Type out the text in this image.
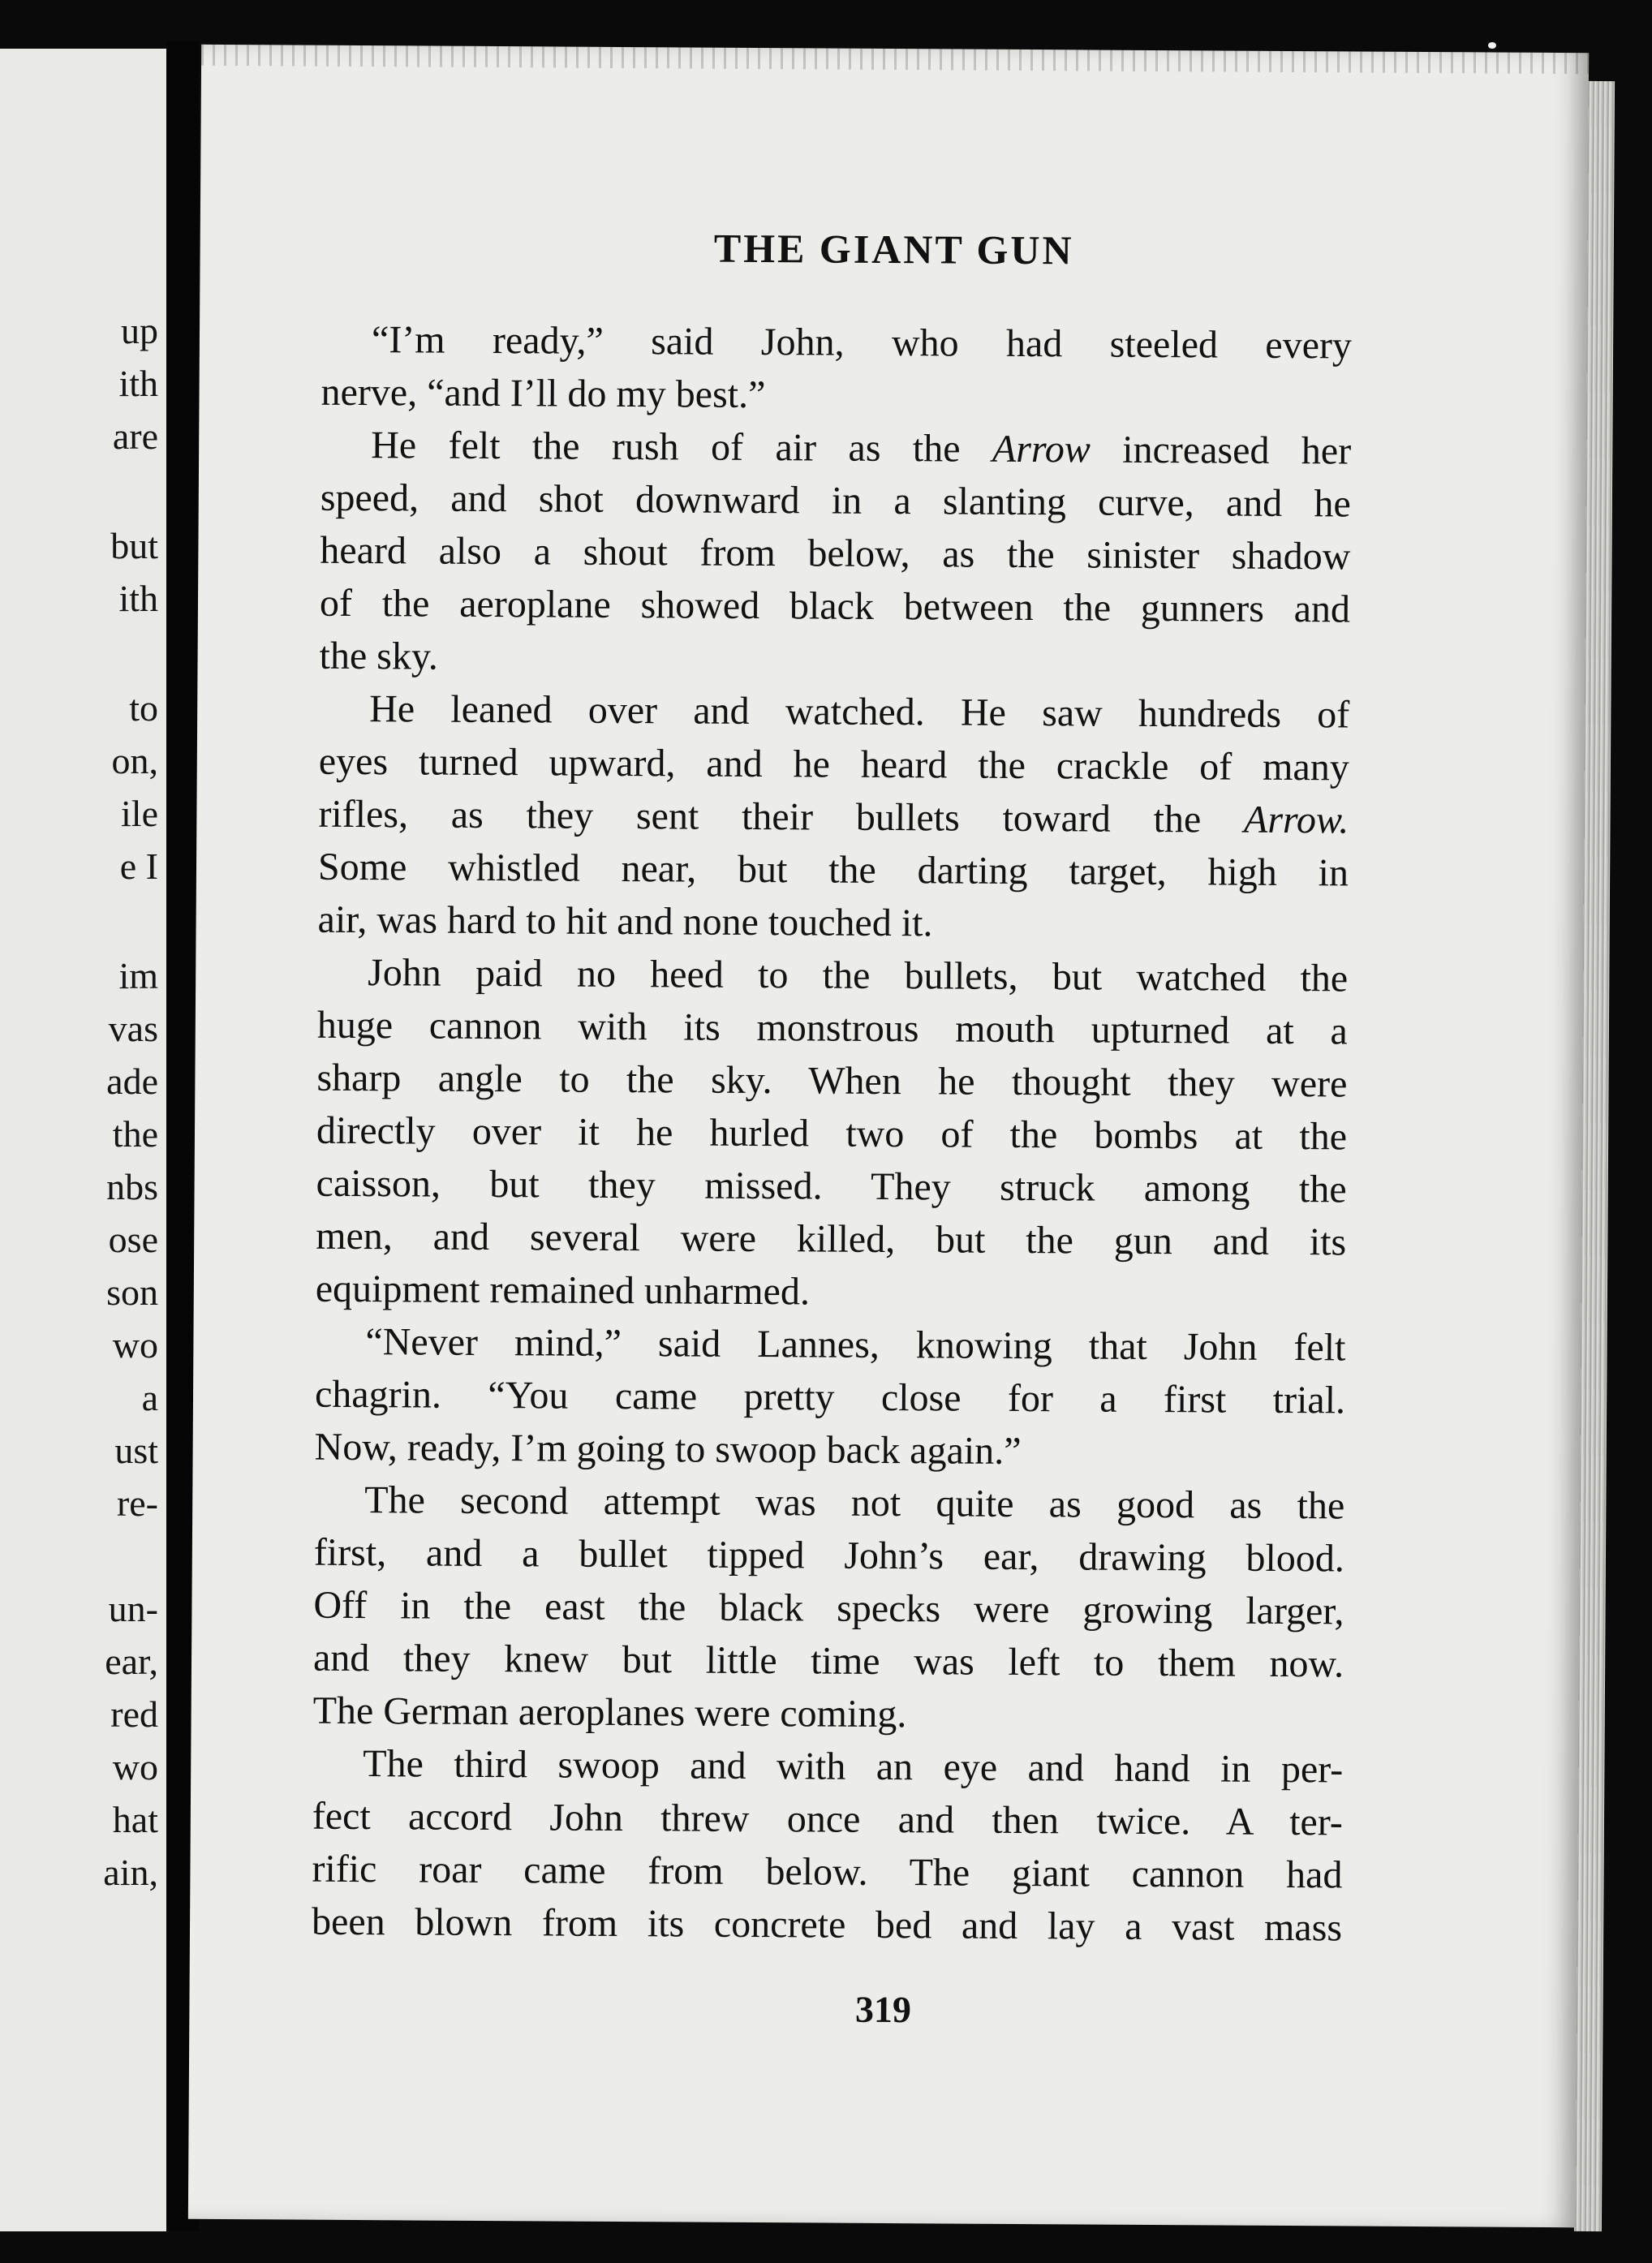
up
ith
are
but
ith
to
on,
ile
e I
im
vas
ade
the
nbs
ose
son
wo
a
ust
re-
un-
ear,
red
wo
hat
ain,
THE GIANT GUN
“I’m ready,” said John, who had steeled every
nerve, “and I’ll do my best.”
He felt the rush of air as the Arrow increased her
speed, and shot downward in a slanting curve, and he
heard also a shout from below, as the sinister shadow
of the aeroplane showed black between the gunners and
the sky.
He leaned over and watched. He saw hundreds of
eyes turned upward, and he heard the crackle of many
rifles, as they sent their bullets toward the Arrow.
Some whistled near, but the darting target, high in
air, was hard to hit and none touched it.
John paid no heed to the bullets, but watched the
huge cannon with its monstrous mouth upturned at a
sharp angle to the sky. When he thought they were
directly over it he hurled two of the bombs at the
caisson, but they missed. They struck among the
men, and several were killed, but the gun and its
equipment remained unharmed.
“Never mind,” said Lannes, knowing that John felt
chagrin. “You came pretty close for a first trial.
Now, ready, I’m going to swoop back again.”
The second attempt was not quite as good as the
first, and a bullet tipped John’s ear, drawing blood.
Off in the east the black specks were growing larger,
and they knew but little time was left to them now.
The German aeroplanes were coming.
The third swoop and with an eye and hand in per-
fect accord John threw once and then twice. A ter-
rific roar came from below. The giant cannon had
been blown from its concrete bed and lay a vast mass
319
